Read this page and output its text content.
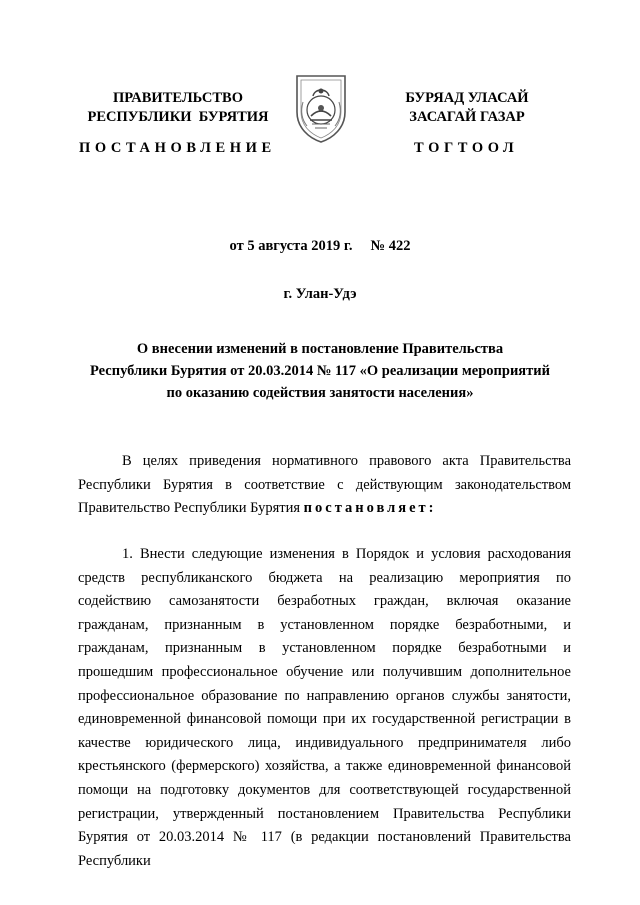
ПРАВИТЕЛЬСТВО
РЕСПУБЛИКИ  БУРЯТИЯ
БУРЯАД УЛАСАЙ
ЗАСАГАЙ ГАЗАР
ПОСТАНОВЛЕНИЕ	ТОГТООЛ
от 5 августа 2019 г. № 422
г. Улан-Удэ
О внесении изменений в постановление Правительства
Республики Бурятия от 20.03.2014 № 117 «О реализации мероприятий
по оказанию содействия занятости населения»

В целях приведения нормативного правового акта Правительства Республики Бурятия в соответствие с действующим законодательством Правительство Республики Бурятия постановляет:

1. Внести следующие изменения в Порядок и условия расходования средств республиканского бюджета на реализацию мероприятия по содействию самозанятости безработных граждан, включая оказание гражданам, признанным в установленном порядке безработными, и гражданам, признанным в установленном порядке безработными и прошедшим профессиональное обучение или получившим дополнительное профессиональное образование по направлению органов службы занятости, единовременной финансовой помощи при их государственной регистрации в качестве юридического лица, индивидуального предпринимателя либо крестьянского (фермерского) хозяйства, а также единовременной финансовой помощи на подготовку документов для соответствующей государственной регистрации, утвержденный постановлением Правительства Республики Бурятия от 20.03.2014 № 117 (в редакции постановлений Правительства Республики
